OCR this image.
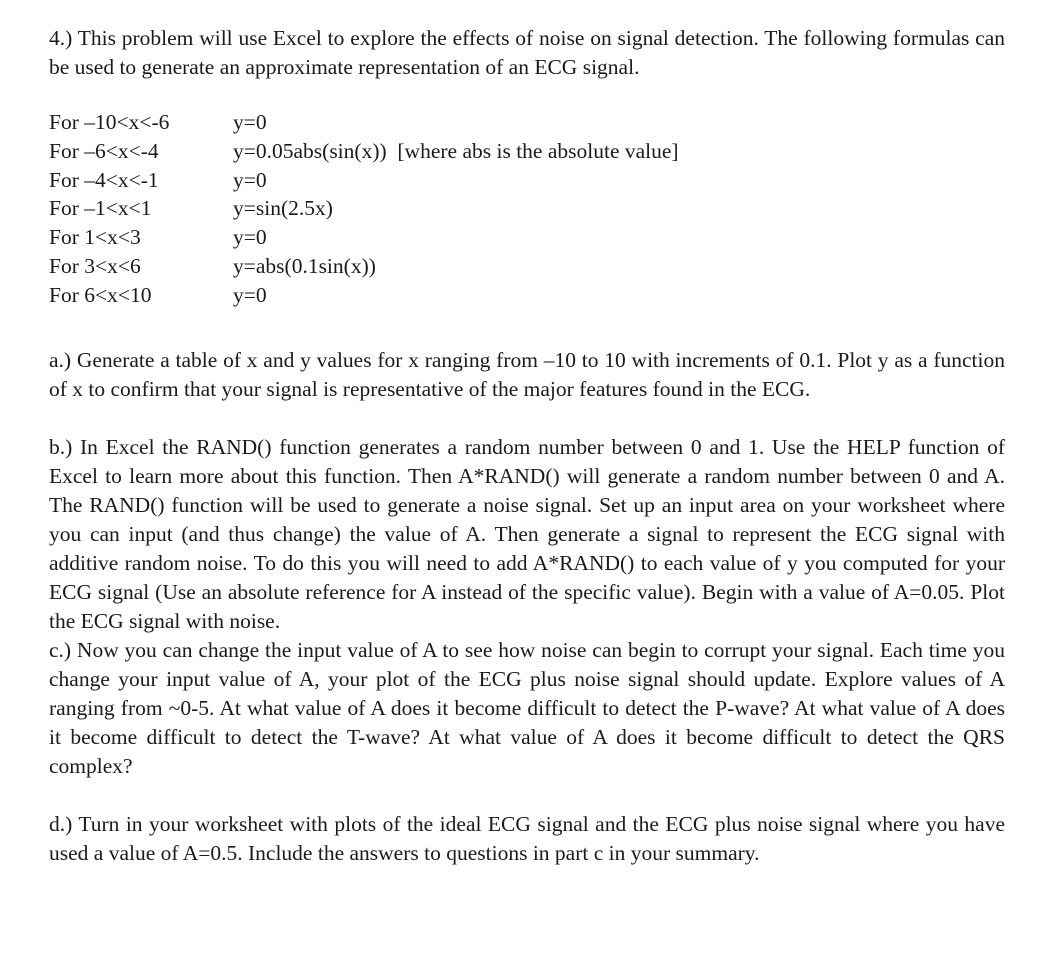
4.) This problem will use Excel to explore the effects of noise on signal detection. The following formulas can be used to generate an approximate representation of an ECG signal.

For –10<x<-6	y=0
For –6<x<-4	y=0.05abs(sin(x))  [where abs is the absolute value]
For –4<x<-1	y=0
For –1<x<1	y=sin(2.5x)
For 1<x<3	y=0
For 3<x<6	y=abs(0.1sin(x))
For 6<x<10	y=0

a.) Generate a table of x and y values for x ranging from –10 to 10 with increments of 0.1. Plot y as a function of x to confirm that your signal is representative of the major features found in the ECG.

b.) In Excel the RAND() function generates a random number between 0 and 1. Use the HELP function of Excel to learn more about this function. Then A*RAND() will generate a random number between 0 and A. The RAND() function will be used to generate a noise signal. Set up an input area on your worksheet where you can input (and thus change) the value of A. Then generate a signal to represent the ECG signal with additive random noise. To do this you will need to add A*RAND() to each value of y you computed for your ECG signal (Use an absolute reference for A instead of the specific value). Begin with a value of A=0.05. Plot the ECG signal with noise.

c.) Now you can change the input value of A to see how noise can begin to corrupt your signal. Each time you change your input value of A, your plot of the ECG plus noise signal should update. Explore values of A ranging from ~0-5. At what value of A does it become difficult to detect the P-wave? At what value of A does it become difficult to detect the T-wave? At what value of A does it become difficult to detect the QRS complex?

d.) Turn in your worksheet with plots of the ideal ECG signal and the ECG plus noise signal where you have used a value of A=0.5. Include the answers to questions in part c in your summary.
